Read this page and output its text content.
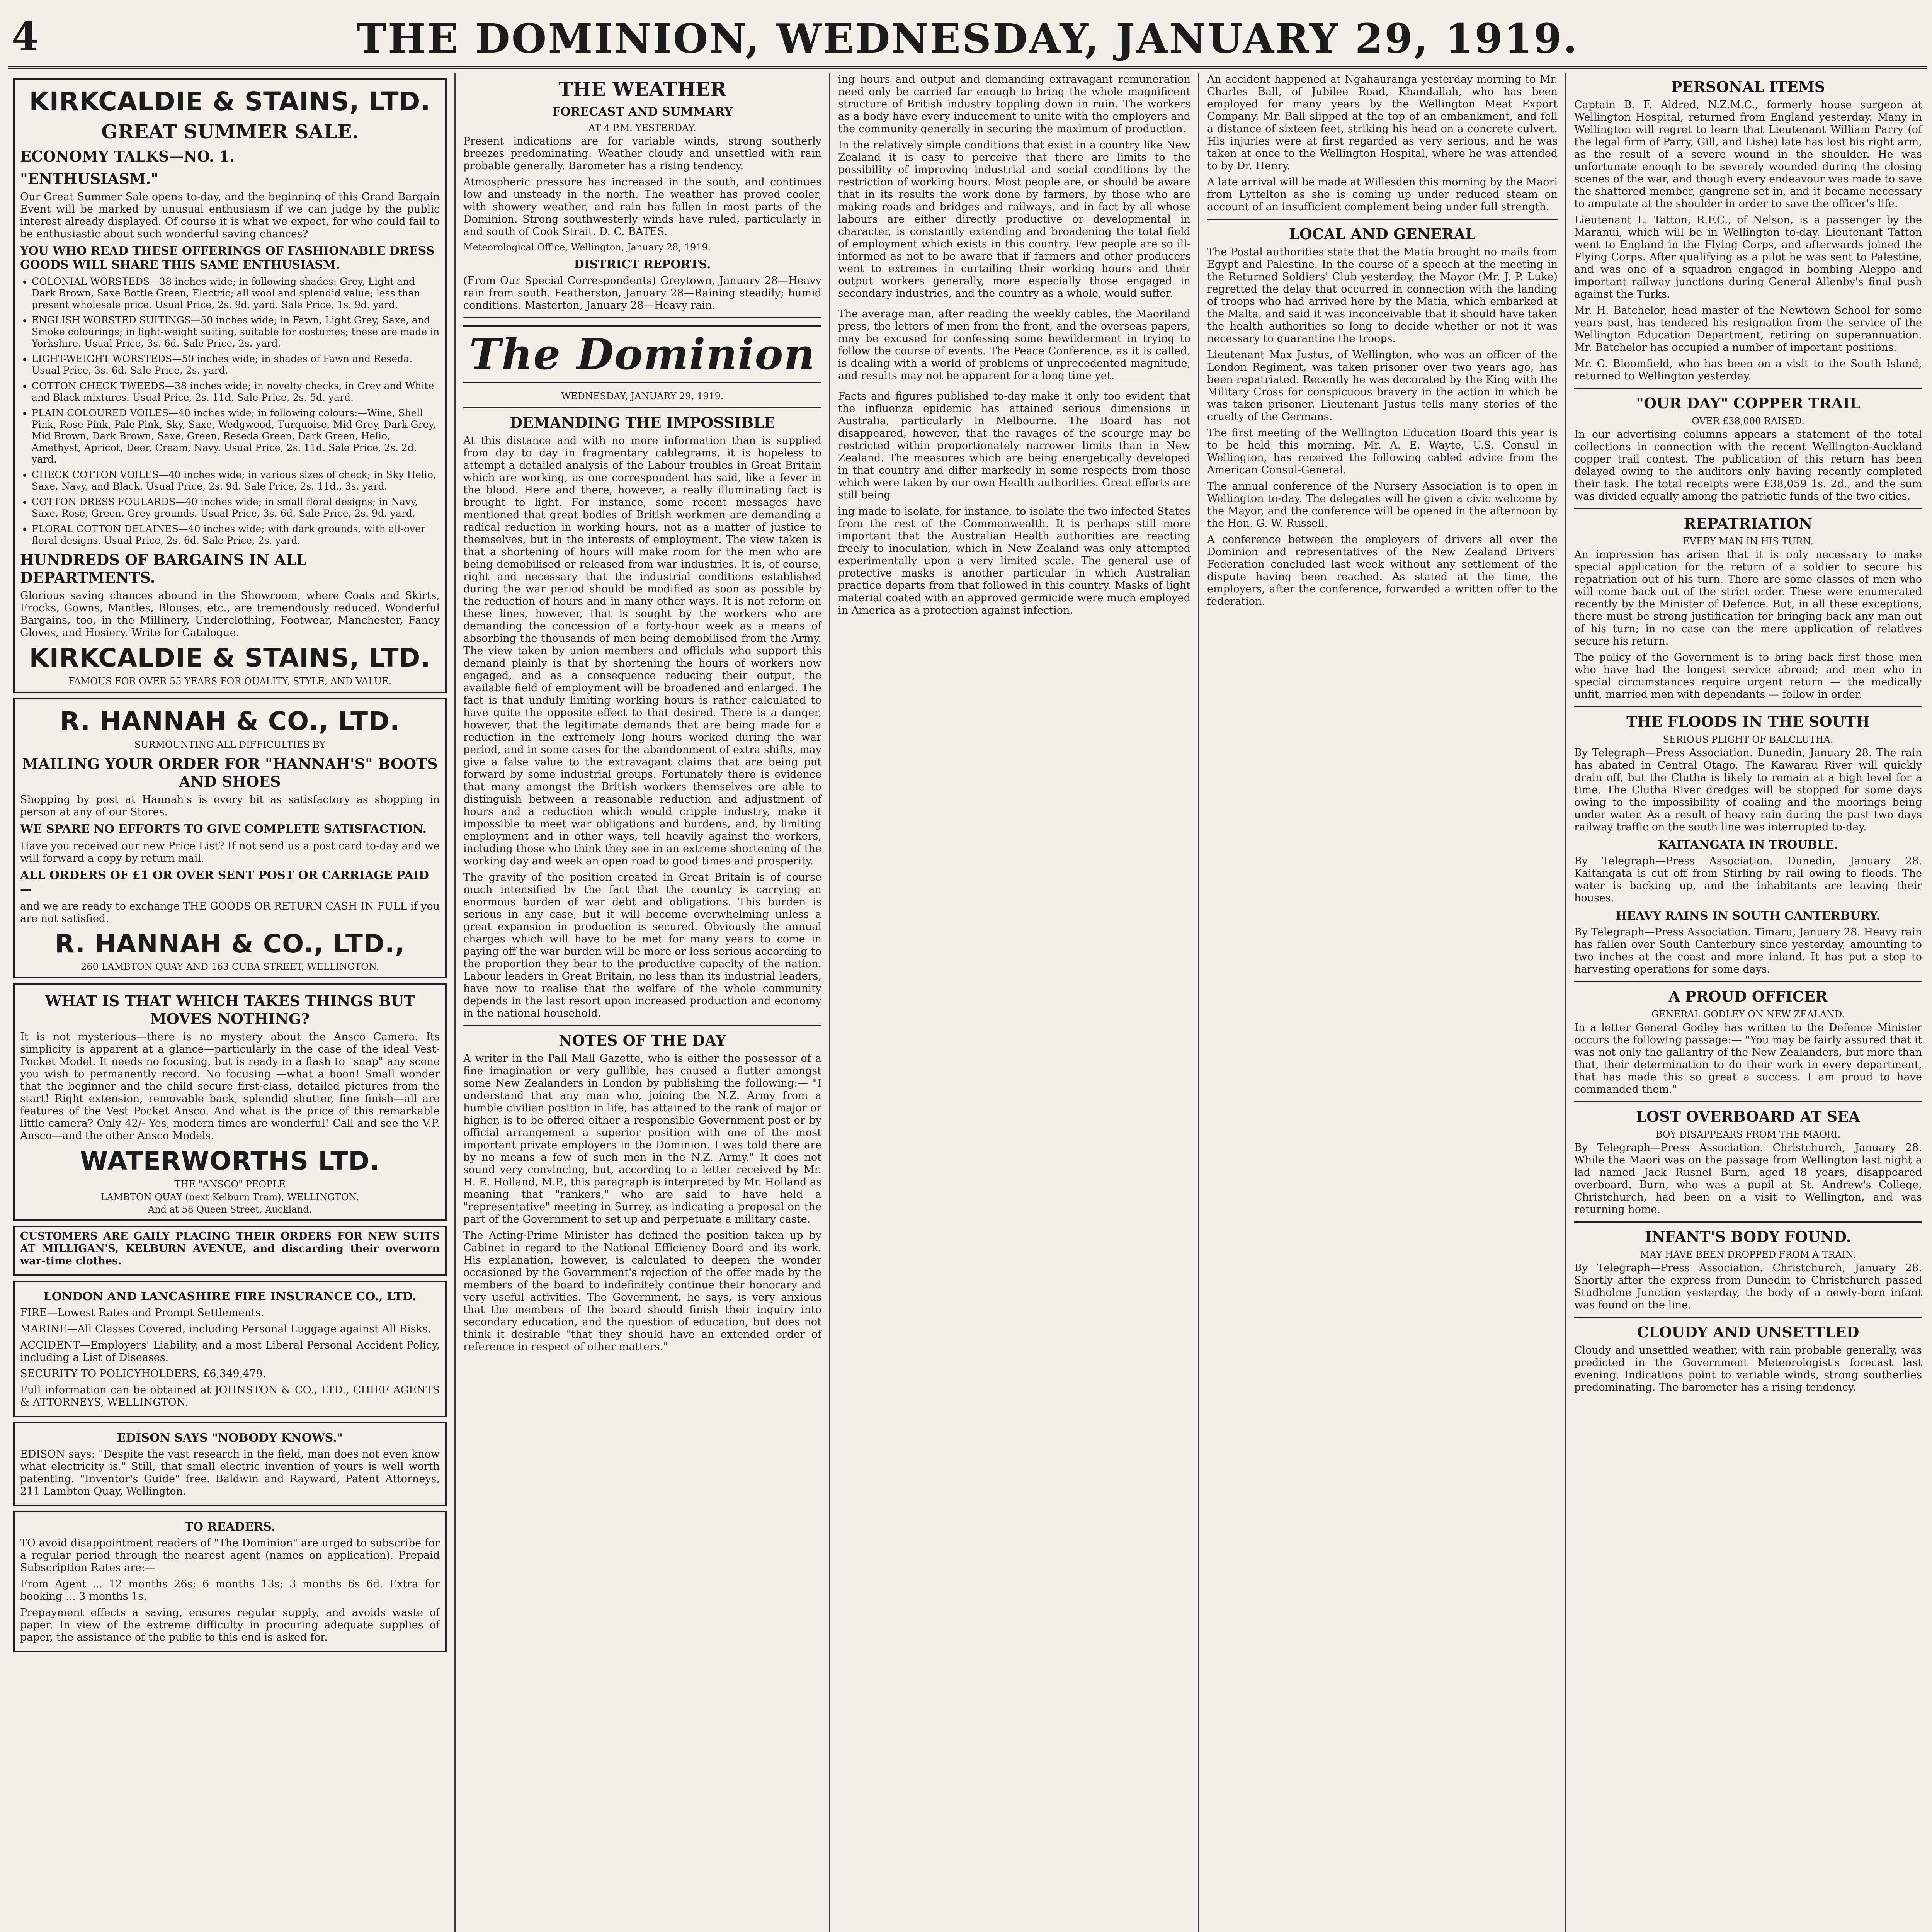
4	THE DOMINION, WEDNESDAY, JANUARY 29, 1919.
KIRKCALDIE & STAINS, LTD.
GREAT SUMMER SALE.
ECONOMY TALKS—NO. 1.
"ENTHUSIASM."

Our Great Summer Sale opens to-day, and the beginning of this Grand Bargain Event will be marked by unusual enthusiasm if we can judge by the public interest already displayed. Of course it is what we expect, for who could fail to be enthusiastic about such wonderful saving chances?

YOU WHO READ THESE OFFERINGS OF FASHIONABLE DRESS GOODS WILL SHARE THIS SAME ENTHUSIASM.
• COLONIAL WORSTEDS—38 inches wide; in following shades: Grey, Light and Dark Brown, Saxe Bottle Green, Electric; all wool and splendid value; less than present wholesale price. Usual Price, 2s. 9d. yard. Sale Price, 1s. 9d. yard.
• ENGLISH WORSTED SUITINGS—50 inches wide; in Fawn, Light Grey, Saxe, and Smoke colourings; in light-weight suiting, suitable for costumes; these are made in Yorkshire. Usual Price, 3s. 6d. Sale Price, 2s. yard.
• LIGHT-WEIGHT WORSTEDS—50 inches wide; in shades of Fawn and Reseda. Usual Price, 3s. 6d. Sale Price, 2s. yard.
• COTTON CHECK TWEEDS—38 inches wide; in novelty checks, in Grey and White and Black mixtures. Usual Price, 2s. 11d. Sale Price, 2s. 5d. yard.
• PLAIN COLOURED VOILES—40 inches wide; in following colours:—Wine, Shell Pink, Rose Pink, Pale Pink, Sky, Saxe, Wedgwood, Turquoise, Mid Grey, Dark Grey, Mid Brown, Dark Brown, Saxe, Green, Reseda Green, Dark Green, Helio, Amethyst, Apricot, Deer, Cream, Navy. Usual Price, 2s. 11d. Sale Price, 2s. 2d. yard.
• CHECK COTTON VOILES—40 inches wide; in various sizes of check; in Sky Helio, Saxe, Navy, and Black. Usual Price, 2s. 9d. Sale Price, 2s. 11d., 3s. yard.
• COTTON DRESS FOULARDS—40 inches wide; in small floral designs; in Navy, Saxe, Rose, Green, Grey grounds. Usual Price, 3s. 6d. Sale Price, 2s. 9d. yard.
• FLORAL COTTON DELAINES—40 inches wide; with dark grounds, with all-over floral designs. Usual Price, 2s. 6d. Sale Price, 2s. yard.
HUNDREDS OF BARGAINS IN ALL DEPARTMENTS.

Glorious saving chances abound in the Showroom, where Coats and Skirts, Frocks, Gowns, Mantles, Blouses, etc., are tremendously reduced. Wonderful Bargains, too, in the Millinery, Underclothing, Footwear, Manchester, Fancy Gloves, and Hosiery. Write for Catalogue.

KIRKCALDIE & STAINS, LTD.
FAMOUS FOR OVER 55 YEARS FOR QUALITY, STYLE, AND VALUE.
R. HANNAH & CO., LTD.
SURMOUNTING ALL DIFFICULTIES BY
MAILING YOUR ORDER FOR "HANNAH'S" BOOTS AND SHOES

Shopping by post at Hannah's is every bit as satisfactory as shopping in person at any of our Stores.

WE SPARE NO EFFORTS TO GIVE COMPLETE SATISFACTION.

Have you received our new Price List? If not send us a post card to-day and we will forward a copy by return mail.

ALL ORDERS OF £1 OR OVER SENT POST OR CARRIAGE PAID—

and we are ready to exchange THE GOODS OR RETURN CASH IN FULL if you are not satisfied.

R. HANNAH & CO., LTD.,
260 LAMBTON QUAY AND 163 CUBA STREET, WELLINGTON.
WHAT IS THAT WHICH TAKES THINGS BUT MOVES NOTHING?

It is not mysterious—there is no mystery about the Ansco Camera. Its simplicity is apparent at a glance—particularly in the case of the ideal Vest-Pocket Model. It needs no focusing, but is ready in a flash to "snap" any scene you wish to permanently record. No focusing —what a boon! Small wonder that the beginner and the child secure first-class, detailed pictures from the start! Right extension, removable back, splendid shutter, fine finish—all are features of the Vest Pocket Ansco. And what is the price of this remarkable little camera? Only 42/- Yes, modern times are wonderful! Call and see the V.P. Ansco—and the other Ansco Models.

WATERWORTHS LTD.
THE "ANSCO" PEOPLE
LAMBTON QUAY (next Kelburn Tram), WELLINGTON.
And at 58 Queen Street, Auckland.

CUSTOMERS ARE GAILY PLACING THEIR ORDERS FOR NEW SUITS AT MILLIGAN'S, KELBURN AVENUE, and discarding their overworn war-time clothes.

LONDON AND LANCASHIRE FIRE INSURANCE CO., LTD.

FIRE—Lowest Rates and Prompt Settlements.

MARINE—All Classes Covered, including Personal Luggage against All Risks.

ACCIDENT—Employers' Liability, and a most Liberal Personal Accident Policy, including a List of Diseases.

SECURITY TO POLICYHOLDERS, £6,349,479.

Full information can be obtained at JOHNSTON & CO., LTD., CHIEF AGENTS & ATTORNEYS, WELLINGTON.

EDISON SAYS "NOBODY KNOWS."

EDISON says: "Despite the vast research in the field, man does not even know what electricity is." Still, that small electric invention of yours is well worth patenting. "Inventor's Guide" free. Baldwin and Rayward, Patent Attorneys, 211 Lambton Quay, Wellington.

TO READERS.

TO avoid disappointment readers of "The Dominion" are urged to subscribe for a regular period through the nearest agent (names on application). Prepaid Subscription Rates are:—

From Agent ... 12 months 26s; 6 months 13s; 3 months 6s 6d. Extra for booking ... 3 months 1s.

Prepayment effects a saving, ensures regular supply, and avoids waste of paper. In view of the extreme difficulty in procuring adequate supplies of paper, the assistance of the public to this end is asked for.

THE WEATHER
FORECAST AND SUMMARY
AT 4 P.M. YESTERDAY.

Present indications are for variable winds, strong southerly breezes predominating. Weather cloudy and unsettled with rain probable generally. Barometer has a rising tendency.

Atmospheric pressure has increased in the south, and continues low and unsteady in the north. The weather has proved cooler, with showery weather, and rain has fallen in most parts of the Dominion. Strong southwesterly winds have ruled, particularly in and south of Cook Strait. D. C. BATES.

Meteorological Office, Wellington, January 28, 1919.

DISTRICT REPORTS.

(From Our Special Correspondents) Greytown, January 28—Heavy rain from south. Featherston, January 28—Raining steadily; humid conditions. Masterton, January 28—Heavy rain.

The Dominion
WEDNESDAY, JANUARY 29, 1919.
DEMANDING THE IMPOSSIBLE

At this distance and with no more information than is supplied from day to day in fragmentary cablegrams, it is hopeless to attempt a detailed analysis of the Labour troubles in Great Britain which are working, as one correspondent has said, like a fever in the blood. Here and there, however, a really illuminating fact is brought to light. For instance, some recent messages have mentioned that great bodies of British workmen are demanding a radical reduction in working hours, not as a matter of justice to themselves, but in the interests of employment. The view taken is that a shortening of hours will make room for the men who are being demobilised or released from war industries. It is, of course, right and necessary that the industrial conditions established during the war period should be modified as soon as possible by the reduction of hours and in many other ways. It is not reform on these lines, however, that is sought by the workers who are demanding the concession of a forty-hour week as a means of absorbing the thousands of men being demobilised from the Army. The view taken by union members and officials who support this demand plainly is that by shortening the hours of workers now engaged, and as a consequence reducing their output, the available field of employment will be broadened and enlarged. The fact is that unduly limiting working hours is rather calculated to have quite the opposite effect to that desired. There is a danger, however, that the legitimate demands that are being made for a reduction in the extremely long hours worked during the war period, and in some cases for the abandonment of extra shifts, may give a false value to the extravagant claims that are being put forward by some industrial groups. Fortunately there is evidence that many amongst the British workers themselves are able to distinguish between a reasonable reduction and adjustment of hours and a reduction which would cripple industry, make it impossible to meet war obligations and burdens, and, by limiting employment and in other ways, tell heavily against the workers, including those who think they see in an extreme shortening of the working day and week an open road to good times and prosperity.

The gravity of the position created in Great Britain is of course much intensified by the fact that the country is carrying an enormous burden of war debt and obligations. This burden is serious in any case, but it will become overwhelming unless a great expansion in production is secured. Obviously the annual charges which will have to be met for many years to come in paying off the war burden will be more or less serious according to the proportion they bear to the productive capacity of the nation. Labour leaders in Great Britain, no less than its industrial leaders, have now to realise that the welfare of the whole community depends in the last resort upon increased production and economy in the national household.

NOTES OF THE DAY

A writer in the Pall Mall Gazette, who is either the possessor of a fine imagination or very gullible, has caused a flutter amongst some New Zealanders in London by publishing the following:— "I understand that any man who, joining the N.Z. Army from a humble civilian position in life, has attained to the rank of major or higher, is to be offered either a responsible Government post or by official arrangement a superior position with one of the most important private employers in the Dominion. I was told there are by no means a few of such men in the N.Z. Army." It does not sound very convincing, but, according to a letter received by Mr. H. E. Holland, M.P., this paragraph is interpreted by Mr. Holland as meaning that "rankers," who are said to have held a "representative" meeting in Surrey, as indicating a proposal on the part of the Government to set up and perpetuate a military caste.

The Acting-Prime Minister has defined the position taken up by Cabinet in regard to the National Efficiency Board and its work. His explanation, however, is calculated to deepen the wonder occasioned by the Government's rejection of the offer made by the members of the board to indefinitely continue their honorary and very useful activities. The Government, he says, is very anxious that the members of the board should finish their inquiry into secondary education, and the question of education, but does not think it desirable "that they should have an extended order of reference in respect of other matters."

ing hours and output and demanding extravagant remuneration need only be carried far enough to bring the whole magnificent structure of British industry toppling down in ruin. The workers as a body have every inducement to unite with the employers and the community generally in securing the maximum of production.

In the relatively simple conditions that exist in a country like New Zealand it is easy to perceive that there are limits to the possibility of improving industrial and social conditions by the restriction of working hours. Most people are, or should be aware that in its results the work done by farmers, by those who are making roads and bridges and railways, and in fact by all whose labours are either directly productive or developmental in character, is constantly extending and broadening the total field of employment which exists in this country. Few people are so ill-informed as not to be aware that if farmers and other producers went to extremes in curtailing their working hours and their output workers generally, more especially those engaged in secondary industries, and the country as a whole, would suffer.

The average man, after reading the weekly cables, the Maoriland press, the letters of men from the front, and the overseas papers, may be excused for confessing some bewilderment in trying to follow the course of events. The Peace Conference, as it is called, is dealing with a world of problems of unprecedented magnitude, and results may not be apparent for a long time yet.

Facts and figures published to-day make it only too evident that the influenza epidemic has attained serious dimensions in Australia, particularly in Melbourne. The Board has not disappeared, however, that the ravages of the scourge may be restricted within proportionately narrower limits than in New Zealand. The measures which are being energetically developed in that country and differ markedly in some respects from those which were taken by our own Health authorities. Great efforts are still being

ing made to isolate, for instance, to isolate the two infected States from the rest of the Commonwealth. It is perhaps still more important that the Australian Health authorities are reacting freely to inoculation, which in New Zealand was only attempted experimentally upon a very limited scale. The general use of protective masks is another particular in which Australian practice departs from that followed in this country. Masks of light material coated with an approved germicide were much employed in America as a protection against infection.

An accident happened at Ngahauranga yesterday morning to Mr. Charles Ball, of Jubilee Road, Khandallah, who has been employed for many years by the Wellington Meat Export Company. Mr. Ball slipped at the top of an embankment, and fell a distance of sixteen feet, striking his head on a concrete culvert. His injuries were at first regarded as very serious, and he was taken at once to the Wellington Hospital, where he was attended to by Dr. Henry.

A late arrival will be made at Willesden this morning by the Maori from Lyttelton as she is coming up under reduced steam on account of an insufficient complement being under full strength.

LOCAL AND GENERAL

The Postal authorities state that the Matia brought no mails from Egypt and Palestine. In the course of a speech at the meeting in the Returned Soldiers' Club yesterday, the Mayor (Mr. J. P. Luke) regretted the delay that occurred in connection with the landing of troops who had arrived here by the Matia, which embarked at the Malta, and said it was inconceivable that it should have taken the health authorities so long to decide whether or not it was necessary to quarantine the troops.

Lieutenant Max Justus, of Wellington, who was an officer of the London Regiment, was taken prisoner over two years ago, has been repatriated. Recently he was decorated by the King with the Military Cross for conspicuous bravery in the action in which he was taken prisoner. Lieutenant Justus tells many stories of the cruelty of the Germans.

The first meeting of the Wellington Education Board this year is to be held this morning. Mr. A. E. Wayte, U.S. Consul in Wellington, has received the following cabled advice from the American Consul-General.

The annual conference of the Nursery Association is to open in Wellington to-day. The delegates will be given a civic welcome by the Mayor, and the conference will be opened in the afternoon by the Hon. G. W. Russell.

A conference between the employers of drivers all over the Dominion and representatives of the New Zealand Drivers' Federation concluded last week without any settlement of the dispute having been reached. As stated at the time, the employers, after the conference, forwarded a written offer to the federation.

PERSONAL ITEMS

Captain B. F. Aldred, N.Z.M.C., formerly house surgeon at Wellington Hospital, returned from England yesterday. Many in Wellington will regret to learn that Lieutenant William Parry (of the legal firm of Parry, Gill, and Lishe) late has lost his right arm, as the result of a severe wound in the shoulder. He was unfortunate enough to be severely wounded during the closing scenes of the war, and though every endeavour was made to save the shattered member, gangrene set in, and it became necessary to amputate at the shoulder in order to save the officer's life.

Lieutenant L. Tatton, R.F.C., of Nelson, is a passenger by the Maranui, which will be in Wellington to-day. Lieutenant Tatton went to England in the Flying Corps, and afterwards joined the Flying Corps. After qualifying as a pilot he was sent to Palestine, and was one of a squadron engaged in bombing Aleppo and important railway junctions during General Allenby's final push against the Turks.

Mr. H. Batchelor, head master of the Newtown School for some years past, has tendered his resignation from the service of the Wellington Education Department, retiring on superannuation. Mr. Batchelor has occupied a number of important positions.

Mr. G. Bloomfield, who has been on a visit to the South Island, returned to Wellington yesterday.

"OUR DAY" COPPER TRAIL
OVER £38,000 RAISED.

In our advertising columns appears a statement of the total collections in connection with the recent Wellington-Auckland copper trail contest. The publication of this return has been delayed owing to the auditors only having recently completed their task. The total receipts were £38,059 1s. 2d., and the sum was divided equally among the patriotic funds of the two cities.

REPATRIATION
EVERY MAN IN HIS TURN.

An impression has arisen that it is only necessary to make special application for the return of a soldier to secure his repatriation out of his turn. There are some classes of men who will come back out of the strict order. These were enumerated recently by the Minister of Defence. But, in all these exceptions, there must be strong justification for bringing back any man out of his turn; in no case can the mere application of relatives secure his return.

The policy of the Government is to bring back first those men who have had the longest service abroad; and men who in special circumstances require urgent return — the medically unfit, married men with dependants — follow in order.

THE FLOODS IN THE SOUTH
SERIOUS PLIGHT OF BALCLUTHA.

By Telegraph—Press Association. Dunedin, January 28. The rain has abated in Central Otago. The Kawarau River will quickly drain off, but the Clutha is likely to remain at a high level for a time. The Clutha River dredges will be stopped for some days owing to the impossibility of coaling and the moorings being under water. As a result of heavy rain during the past two days railway traffic on the south line was interrupted to-day.

KAITANGATA IN TROUBLE.

By Telegraph—Press Association. Dunedin, January 28. Kaitangata is cut off from Stirling by rail owing to floods. The water is backing up, and the inhabitants are leaving their houses.

HEAVY RAINS IN SOUTH CANTERBURY.

By Telegraph—Press Association. Timaru, January 28. Heavy rain has fallen over South Canterbury since yesterday, amounting to two inches at the coast and more inland. It has put a stop to harvesting operations for some days.

A PROUD OFFICER
GENERAL GODLEY ON NEW ZEALAND.

In a letter General Godley has written to the Defence Minister occurs the following passage:— "You may be fairly assured that it was not only the gallantry of the New Zealanders, but more than that, their determination to do their work in every department, that has made this so great a success. I am proud to have commanded them."

LOST OVERBOARD AT SEA
BOY DISAPPEARS FROM THE MAORI.

By Telegraph—Press Association. Christchurch, January 28. While the Maori was on the passage from Wellington last night a lad named Jack Rusnel Burn, aged 18 years, disappeared overboard. Burn, who was a pupil at St. Andrew's College, Christchurch, had been on a visit to Wellington, and was returning home.

INFANT'S BODY FOUND.
MAY HAVE BEEN DROPPED FROM A TRAIN.

By Telegraph—Press Association. Christchurch, January 28. Shortly after the express from Dunedin to Christchurch passed Studholme Junction yesterday, the body of a newly-born infant was found on the line.

CLOUDY AND UNSETTLED

Cloudy and unsettled weather, with rain probable generally, was predicted in the Government Meteorologist's forecast last evening. Indications point to variable winds, strong southerlies predominating. The barometer has a rising tendency.
